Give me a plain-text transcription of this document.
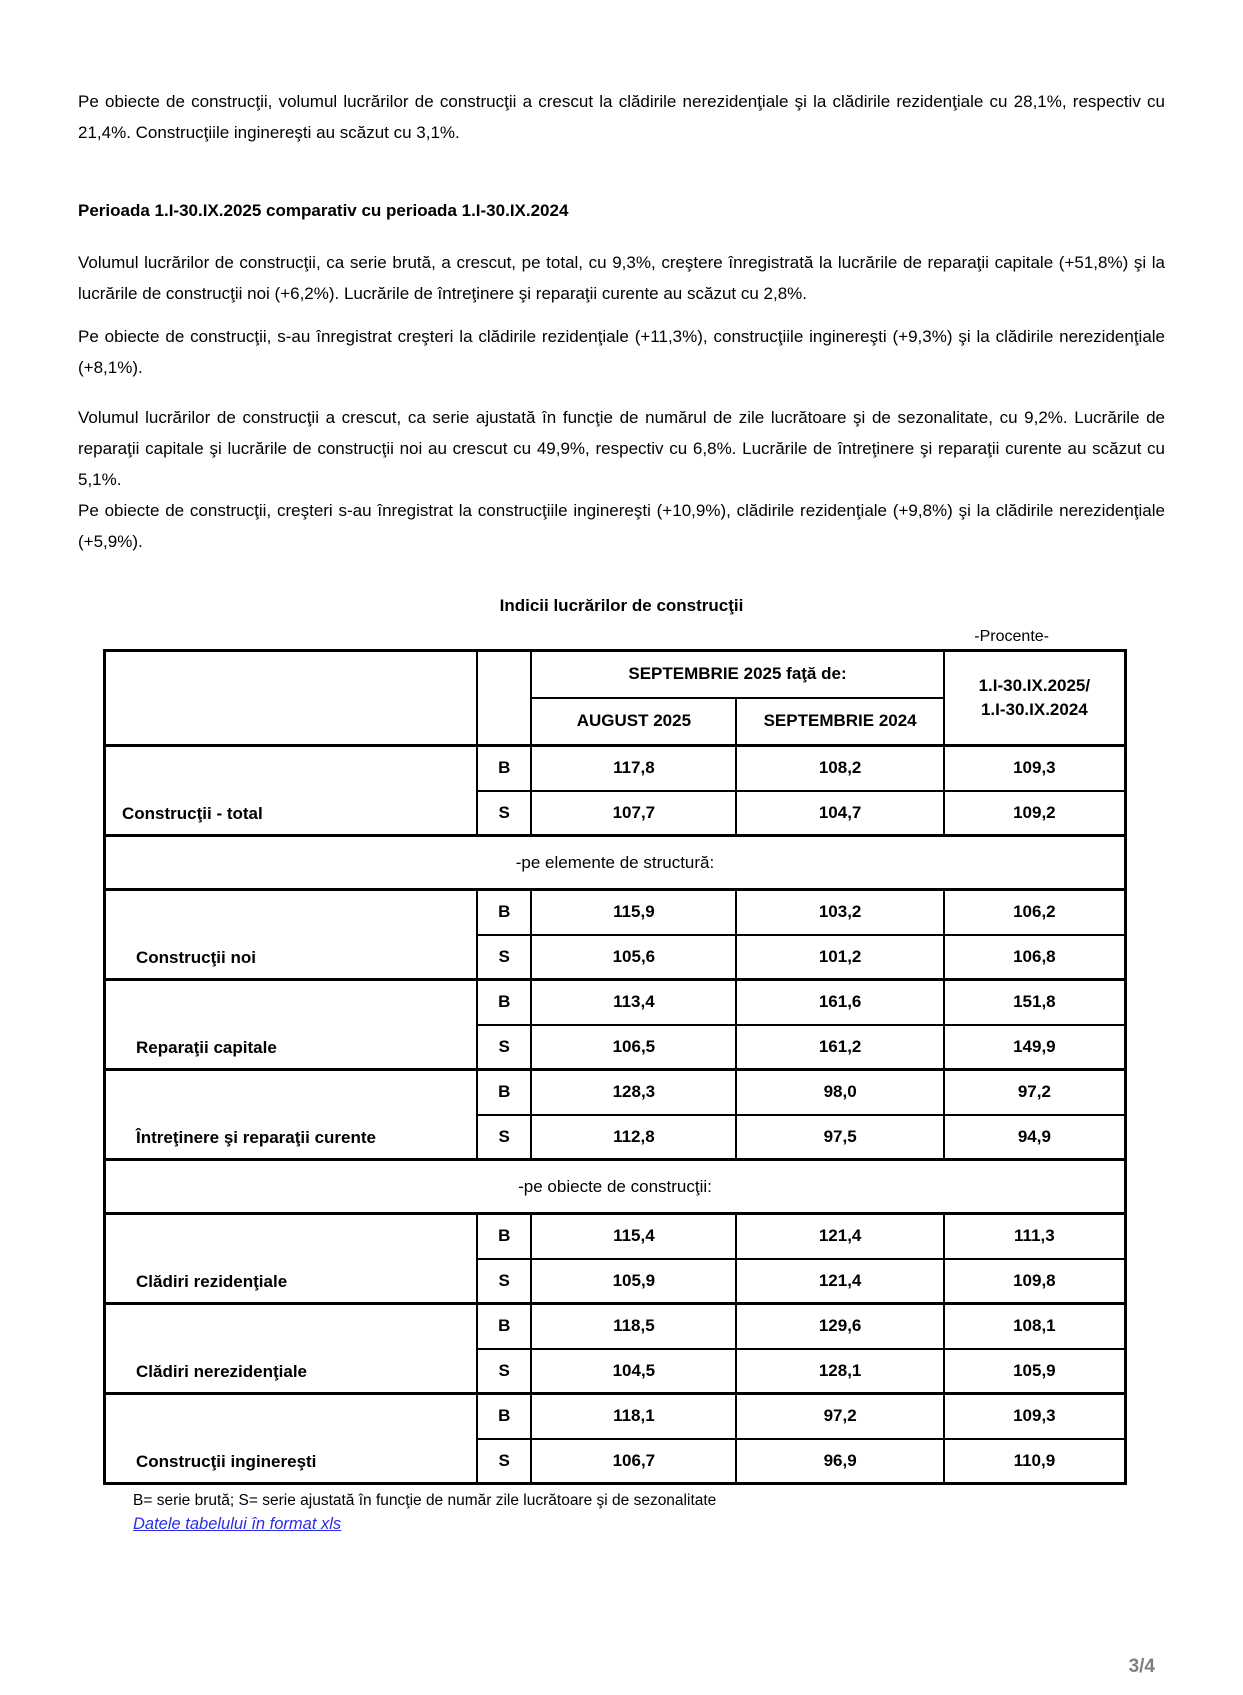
Pe obiecte de construcţii, volumul lucrărilor de construcţii a crescut la clădirile nerezidenţiale şi la clădirile rezidenţiale cu 28,1%, respectiv cu 21,4%. Construcţiile inginereşti au scăzut cu 3,1%.

Perioada 1.I-30.IX.2025 comparativ cu perioada 1.I-30.IX.2024

Volumul lucrărilor de construcţii, ca serie brută, a crescut, pe total, cu 9,3%, creştere înregistrată la lucrările de reparaţii capitale (+51,8%) şi la lucrările de construcţii noi (+6,2%). Lucrările de întreţinere şi reparaţii curente au scăzut cu 2,8%.

Pe obiecte de construcţii, s-au înregistrat creşteri la clădirile rezidenţiale (+11,3%), construcţiile inginereşti (+9,3%) şi la clădirile nerezidenţiale (+8,1%).

Volumul lucrărilor de construcţii a crescut, ca serie ajustată în funcţie de numărul de zile lucrătoare şi de sezonalitate, cu 9,2%. Lucrările de reparaţii capitale şi lucrările de construcţii noi au crescut cu 49,9%, respectiv cu 6,8%. Lucrările de întreţinere şi reparaţii curente au scăzut cu 5,1%.

Pe obiecte de construcţii, creşteri s-au înregistrat la construcţiile inginereşti (+10,9%), clădirile rezidenţiale (+9,8%) şi la clădirile nerezidenţiale (+5,9%).

Indicii lucrărilor de construcţii
-Procente-
		SEPTEMBRIE 2025 faţă de:		1.I-30.IX.2025/
1.I-30.IX.2024

		AUGUST 2025	SEPTEMBRIE 2024	
Construcţii - total	B	117,8	108,2	109,3
	S	107,7	104,7	109,2
-pe elemente de structură:				
Construcţii noi	B	115,9	103,2	106,2
	S	105,6	101,2	106,8
Reparaţii capitale	B	113,4	161,6	151,8
	S	106,5	161,2	149,9
Întreţinere şi reparaţii curente	B	128,3	98,0	97,2
	S	112,8	97,5	94,9
-pe obiecte de construcţii:				
Clădiri rezidenţiale	B	115,4	121,4	111,3
	S	105,9	121,4	109,8
Clădiri nerezidenţiale	B	118,5	129,6	108,1
	S	104,5	128,1	105,9
Construcţii inginereşti	B	118,1	97,2	109,3
	S	106,7	96,9	110,9
B= serie brută; S= serie ajustată în funcţie de număr zile lucrătoare şi de sezonalitate
Datele tabelului în format xls
3/4
